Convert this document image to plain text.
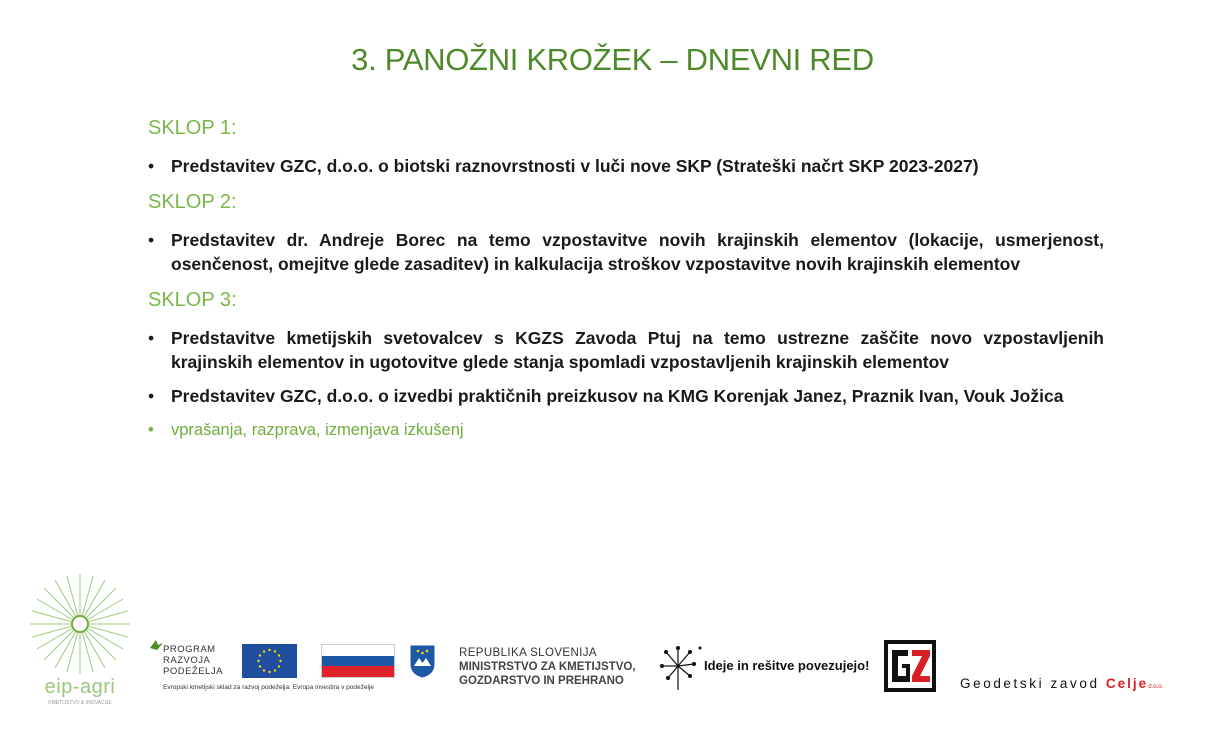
3. PANOŽNI KROŽEK – DNEVNI RED
SKLOP 1:
• Predstavitev GZC, d.o.o. o biotski raznovrstnosti v luči nove SKP (Strateški načrt SKP 2023-2027)
SKLOP 2:
• Predstavitev dr. Andreje Borec na temo vzpostavitve novih krajinskih elementov (lokacije, usmerjenost, osenčenost, omejitve glede zasaditev) in kalkulacija stroškov vzpostavitve novih krajinskih elementov
SKLOP 3:
• Predstavitve kmetijskih svetovalcev s KGZS Zavoda Ptuj na temo ustrezne zaščite novo vzpostavljenih krajinskih elementov in ugotovitve glede stanja spomladi vzpostavljenih krajinskih elementov
• Predstavitev GZC, d.o.o. o izvedbi praktičnih preizkusov na KMG Korenjak Janez, Praznik Ivan, Vouk Jožica
• vprašanja, razprava, izmenjava izkušenj
eip-agri
KMETIJSTVO & INOVACIJE
PROGRAM
RAZVOJA
PODEŽELJA
Evropski kmetijski sklad za razvoj podeželja: Evropa investira v podeželje
REPUBLIKA SLOVENIJA
MINISTRSTVO ZA KMETIJSTVO,
GOZDARSTVO IN PREHRANO
Ideje in rešitve povezujejo!
Geodetski zavod Celjed.o.o.
